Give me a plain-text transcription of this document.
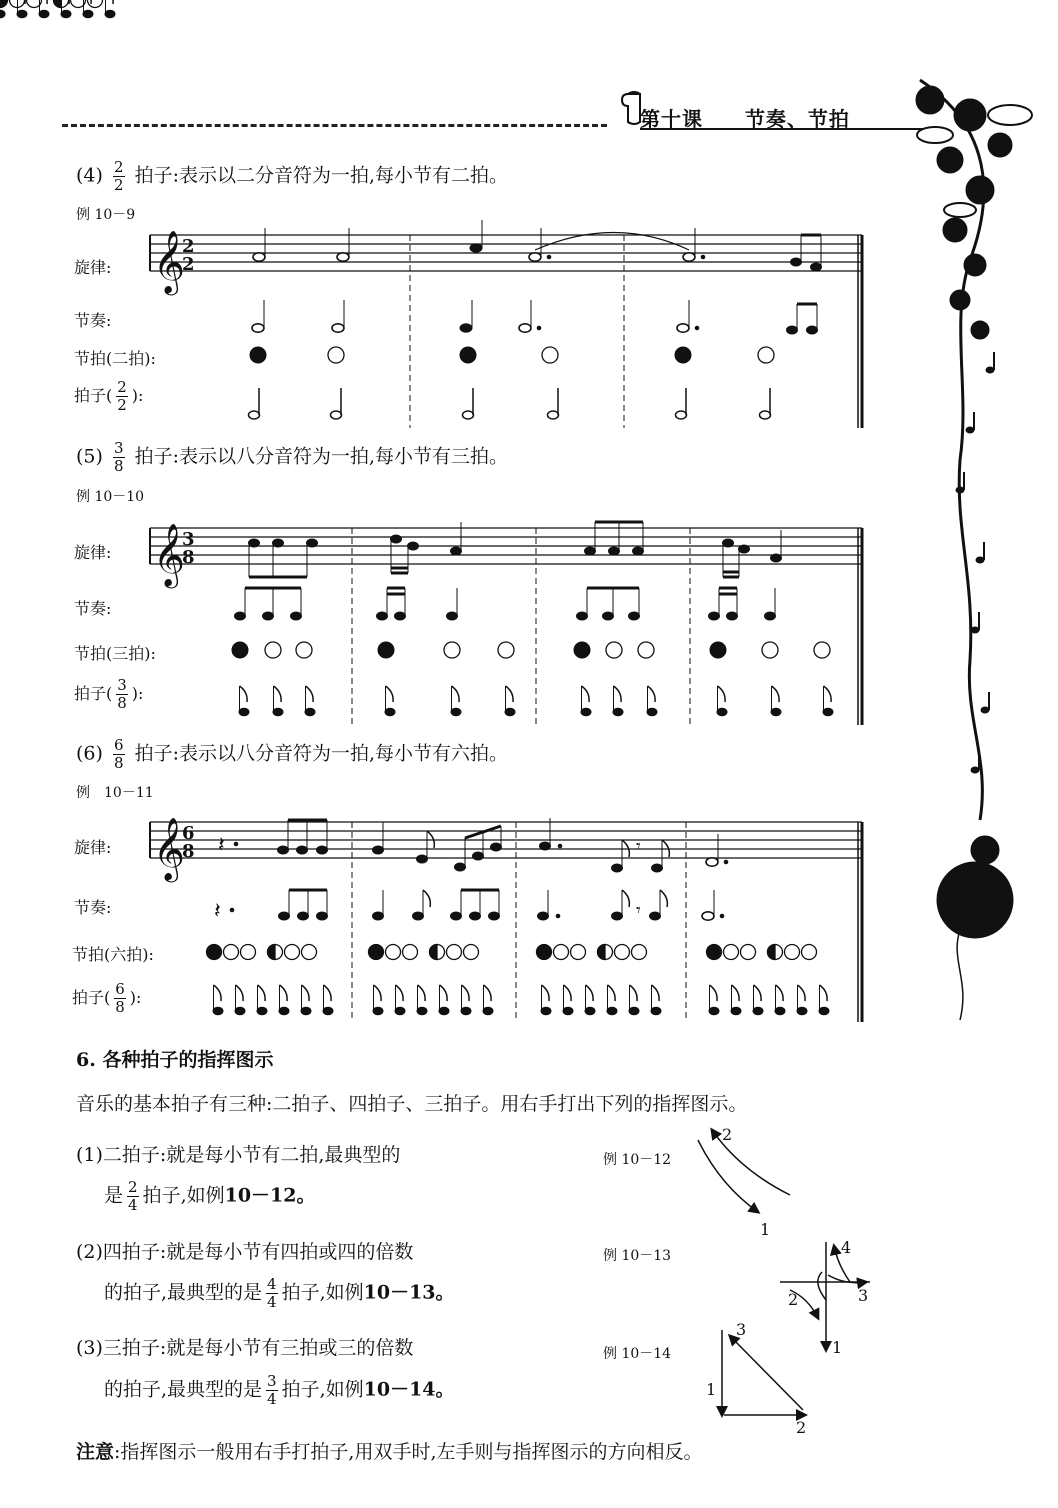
第十课 节奏、节拍
$(4) \frac{2}{2}$ 拍子:表示以二分音符为一拍,每小节有二拍。
例 10－9
旋律:
节奏:
节拍(二拍):
拍子( $\frac{2}{2}$ ):
𝄞
2
2
$(5) \frac{3}{8}$ 拍子:表示以八分音符为一拍,每小节有三拍。
例 10－10
旋律:
节奏:
节拍(三拍):
拍子( $\frac{3}{8}$ ):
𝄞
3
8
$(6) \frac{6}{8}$ 拍子:表示以八分音符为一拍,每小节有六拍。
例　10－11
旋律:
节奏:
节拍(六拍):
拍子( $\frac{6}{8}$ ):
𝄞
6
8 𝄽	𝄾
𝄽	𝄾
6. 各种拍子的指挥图示
音乐的基本拍子有三种:二拍子、四拍子、三拍子。用右手打出下列的指挥图示。
(1)二拍子:就是每小节有二拍,最典型的
是 $\frac{2}{4}$ 拍子,如例10－12。
例 10－12
(2)四拍子:就是每小节有四拍或四的倍数
的拍子,最典型的是 $\frac{4}{4}$ 拍子,如例10－13。
例 10－13
(3)三拍子:就是每小节有三拍或三的倍数
的拍子,最典型的是 $\frac{3}{4}$ 拍子,如例10－14。
例 10－14
注意:指挥图示一般用右手打拍子,用双手时,左手则与指挥图示的方向相反。
1
2
1
2	3
4
1
2
3
